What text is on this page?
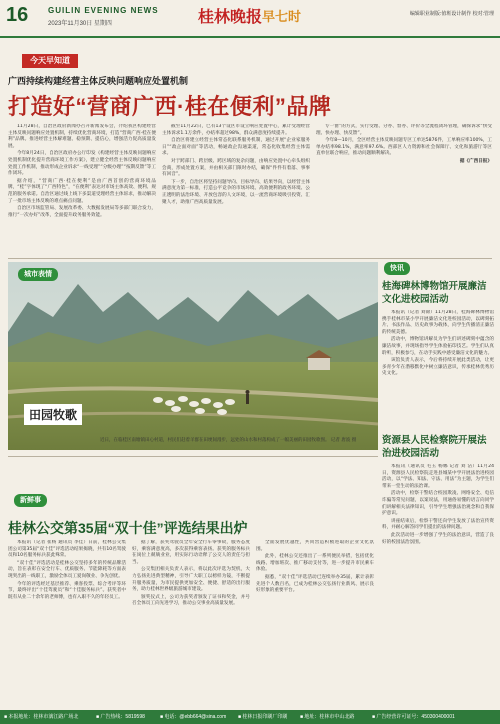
16 GUILIN EVENING NEWS
2023年11月30日 星期四	桂林晚报 早七时	编辑职业制版:值班设计制作 校对:管理
今天早知道
广西持续构建经营主体反映问题响应处置机制
打造好“营商广西·桂在便利”品牌

11月28日，自治区政府新闻办召开新闻发布会，介绍我区构建经营主体反映问题响应处置机制，持续优化营商环境，打造“营商广西·桂在便利”品牌。推进经营主体解难题、稳预期、提信心，增强活力促高质量发展。

今年8月24日，自治区政府办公厅印发《构建经营主体反映问题响应处置机制优化提升营商环境工作方案》，建立健全经营主体反映问题响应处置工作机制，推动形成企业诉求“一线受理”“分级办理”“按期反馈”等工作闭环。

据介绍，“营商广西·桂在便利”是由广西首创的营商环境品牌，“桂”字体现了“广西特色”，“在便利”表达对市场主体高效、便利、规范的服务承诺。自治区通过线上线下多渠道受理经营主体诉求，推动解决了一批市场主体反映的难点痛点问题。

自治区市场监管局、发展改革委、大数据发展局等多部门联合发力，推行“一次办好”改革，全面提升政务服务效能。

截至11月22日，已有13个设区市设立响应处置中心，累计受理经营主体诉求1.1万余件，办结率超过98%，群众满意度持续提升。

自治区将建立经营主体常态化联系服务机制，通过开展“企业家服务日”“政企面对面”等活动，畅通政企沟通渠道，常态化收集经营主体需求。

对于跨部门、跨层级、跨区域的复杂问题，由响应处置中心牵头组织会商，形成处置方案，并由相关部门限时办结，确保“件件有着落、事事有回音”。

下一步，自治区将坚持问题导向、目标导向、结果导向，以经营主体满意度为第一标准，打造公平竞争的市场环境、高效便利的政务环境、公正透明的法治环境、开放包容的人文环境，以一流营商环境吸引投资、汇聚人才，助推广西高质量发展。

专一窗”的方式，实行受理、分办、督办、评价等全流程闭环管理，确保诉求“快受理、快办理、快反馈”。

今年8—10月，全区经营主体反映问题专区工单达5876件，工单响应率100%，工单办结率98.1%，满意率97.6%。西部区人力资源和社会保障厅、文化和旅游厅等区直单位联合响应，推动问题顺利解决。

据《广西日报》

城市表情
田园牧歌
近日，在临桂区南塘镇田心村道，村民们赶着羊群在田埂间漫步，远处的山水和村落构成了一幅美丽的田园牧歌图。 记者 唐波 摄
快讯
桂海碑林博物馆开展廉洁文化进校园活动

本报讯（记者 刘锦）11月28日，桂海碑林博物馆携手桂林市某小学开展廉洁文化进校园活动，以碑刻拓片、书法作品、历史故事为载体，向学生传播清正廉洁的传统美德。

活动中，博物馆讲解员为学生们讲述碑刻中蕴含的廉洁故事，并现场指导学生体验拓印技艺。学生们认真聆听，积极参与，在动手实践中感受廉洁文化的魅力。

该馆负责人表示，今后将持续开展此类活动，让更多青少年在潜移默化中树立廉洁意识，传承桂林优秀历史文化。

资源县人民检察院开展法治进校园活动

本报讯（通讯员 毛玉 杨娜 记者 刘 洁）11月24日，资源县人民检察院走进县城某中学开展法治进校园活动，以“学法、知法、守法、用法”为主题，为学生们带来一堂生动的法治课。

活动中，检察干警结合校园欺凌、网络安全、电信诈骗等常见问题，以案说法，用通俗易懂的语言向同学们讲解相关法律知识，引导学生增强法治观念和自我保护意识。

讲座结束后，检察干警还向学生发放了法治宣传资料，并耐心解答同学们提出的法律问题。

此次活动进一步增强了学生的法治意识，营造了良好的校园法治氛围。

新鲜事
桂林公交第35届“双十佳”评选结果出炉

本报讯（记者 崔杨 通讯员 李佳）日前，桂林公交集团公司第35届“双十佳”评选活动结果揭晓，共有10名驾驶员和10名服务标兵获此殊荣。

“双十佳”评选活动是桂林公交坚持多年的传统品牌活动，旨在表彰在安全行车、优质服务、节能降耗等方面表现突出的一线职工，激励全体员工爱岗敬业、争先创优。

今年的评选经过基层推荐、乘客投票、综合考评等环节，最终评出“十佳驾驶员”和“十佳服务标兵”。获奖者中既有从业二十余年的老师傅，也有入职不久的年轻员工。

据了解，获奖驾驶员全年安全行车零事故，服务态度好，乘客满意度高，多次获得乘客表扬。获奖的服务标兵在岗位上兢兢业业，用实际行动诠释了公交人的责任与担当。

公交集团相关负责人表示，将以此次评选为契机，大力弘扬先进典型精神，引导广大职工以榜样为镜，不断提升服务质量，为市民提供更加安全、便捷、舒适的出行服务，助力桂林世界级旅游城市建设。

颁奖仪式上，公司为获奖者颁发了证书和奖金，并号召全体员工向先进学习，推动公交事业高质量发展。

全面发展优越性，共同营造积极进取的企业文化氛围。

此外，桂林公交还推出了一系列便民举措，包括优化线路、增加班次、推广移动支付等，进一步提升市民乘车体验。

据悉，“双十佳”评选活动已连续举办35届，累计表彰先进个人数百名，已成为桂林公交弘扬行业新风、展示良好形象的重要平台。

■ 本报地址：桂林市漓江路广场北	■ 广告热线：5819598	■ 电话：@ebb664@sina.com ■ 桂林日报印刷厂印刷	■ 地址：桂林市中山北路	■ 广告经营许可证号：450300400001
